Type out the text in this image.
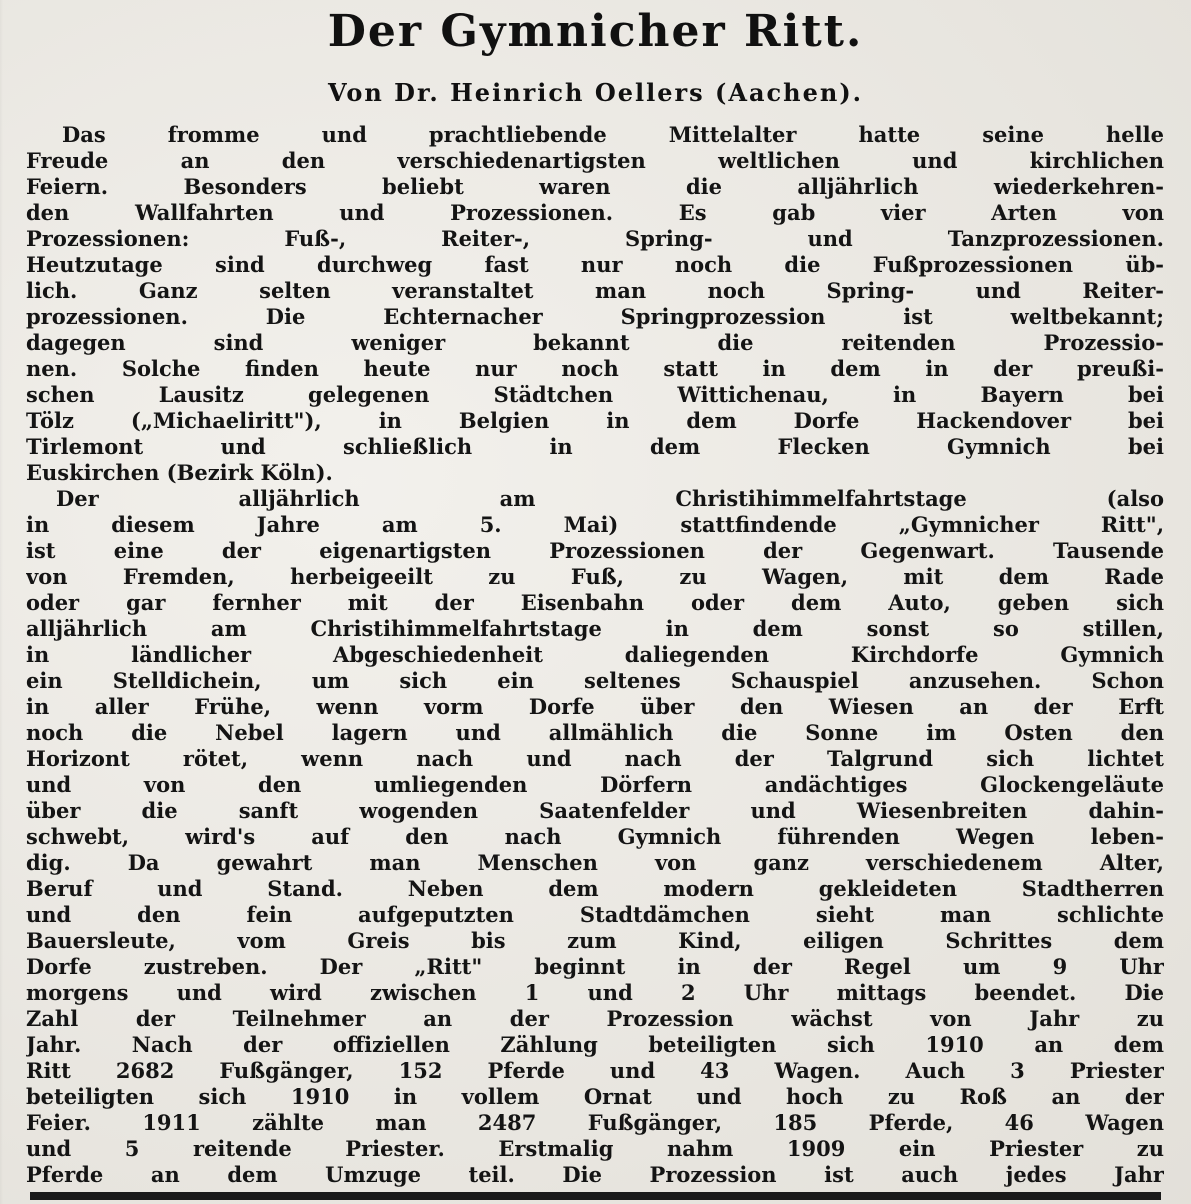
Der Gymnicher Ritt.
Von Dr. Heinrich Oellers (Aachen).
Das fromme und prachtliebende Mittelalter hatte seine helle
Freude an den verschiedenartigsten weltlichen und kirchlichen
Feiern. Besonders beliebt waren die alljährlich wiederkehren-
den Wallfahrten und Prozessionen. Es gab vier Arten von
Prozessionen: Fuß-, Reiter-, Spring- und Tanzprozessionen.
Heutzutage sind durchweg fast nur noch die Fußprozessionen üb-
lich. Ganz selten veranstaltet man noch Spring- und Reiter-
prozessionen. Die Echternacher Springprozession ist weltbekannt;
dagegen sind weniger bekannt die reitenden Prozessio-
nen. Solche finden heute nur noch statt in dem in der preußi-
schen Lausitz gelegenen Städtchen Wittichenau, in Bayern bei
Tölz („Michaeliritt"), in Belgien in dem Dorfe Hackendover bei
Tirlemont und schließlich in dem Flecken Gymnich bei
Euskirchen (Bezirk Köln).
Der alljährlich am Christihimmelfahrtstage (also
in diesem Jahre am 5. Mai) stattfindende „Gymnicher Ritt",
ist eine der eigenartigsten Prozessionen der Gegenwart. Tausende
von Fremden, herbeigeeilt zu Fuß, zu Wagen, mit dem Rade
oder gar fernher mit der Eisenbahn oder dem Auto, geben sich
alljährlich am Christihimmelfahrtstage in dem sonst so stillen,
in ländlicher Abgeschiedenheit daliegenden Kirchdorfe Gymnich
ein Stelldichein, um sich ein seltenes Schauspiel anzusehen. Schon
in aller Frühe, wenn vorm Dorfe über den Wiesen an der Erft
noch die Nebel lagern und allmählich die Sonne im Osten den
Horizont rötet, wenn nach und nach der Talgrund sich lichtet
und von den umliegenden Dörfern andächtiges Glockengeläute
über die sanft wogenden Saatenfelder und Wiesenbreiten dahin-
schwebt, wird's auf den nach Gymnich führenden Wegen leben-
dig. Da gewahrt man Menschen von ganz verschiedenem Alter,
Beruf und Stand. Neben dem modern gekleideten Stadtherren
und den fein aufgeputzten Stadtdämchen sieht man schlichte
Bauersleute, vom Greis bis zum Kind, eiligen Schrittes dem
Dorfe zustreben. Der „Ritt" beginnt in der Regel um 9 Uhr
morgens und wird zwischen 1 und 2 Uhr mittags beendet. Die
Zahl der Teilnehmer an der Prozession wächst von Jahr zu
Jahr. Nach der offiziellen Zählung beteiligten sich 1910 an dem
Ritt 2682 Fußgänger, 152 Pferde und 43 Wagen. Auch 3 Priester
beteiligten sich 1910 in vollem Ornat und hoch zu Roß an der
Feier. 1911 zählte man 2487 Fußgänger, 185 Pferde, 46 Wagen
und 5 reitende Priester. Erstmalig nahm 1909 ein Priester zu
Pferde an dem Umzuge teil. Die Prozession ist auch jedes Jahr
